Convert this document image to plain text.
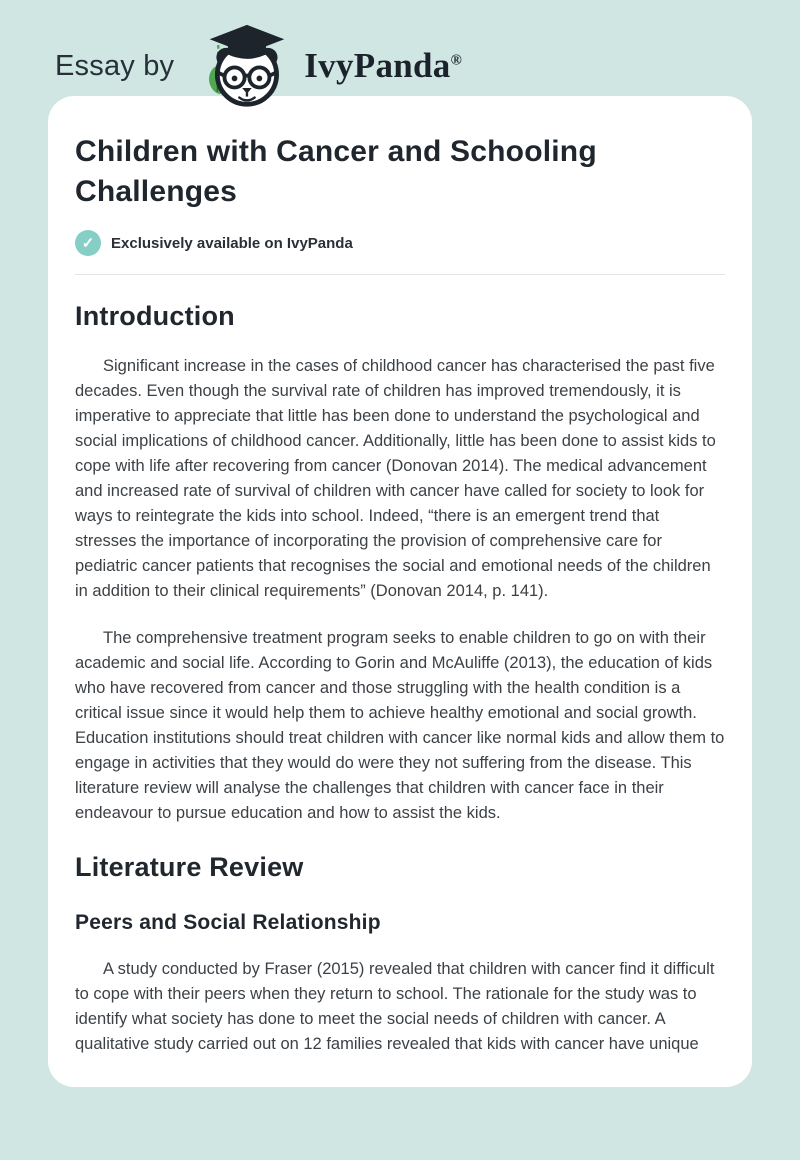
Essay by	IvyPanda®
Children with Cancer and Schooling Challenges
✓	Exclusively available on IvyPanda
Introduction

Significant increase in the cases of childhood cancer has characterised the past five decades. Even though the survival rate of children has improved tremendously, it is imperative to appreciate that little has been done to understand the psychological and social implications of childhood cancer. Additionally, little has been done to assist kids to cope with life after recovering from cancer (Donovan 2014). The medical advancement and increased rate of survival of children with cancer have called for society to look for ways to reintegrate the kids into school. Indeed, “there is an emergent trend that stresses the importance of incorporating the provision of comprehensive care for pediatric cancer patients that recognises the social and emotional needs of the children in addition to their clinical requirements” (Donovan 2014, p. 141).

The comprehensive treatment program seeks to enable children to go on with their academic and social life. According to Gorin and McAuliffe (2013), the education of kids who have recovered from cancer and those struggling with the health condition is a critical issue since it would help them to achieve healthy emotional and social growth. Education institutions should treat children with cancer like normal kids and allow them to engage in activities that they would do were they not suffering from the disease. This literature review will analyse the challenges that children with cancer face in their endeavour to pursue education and how to assist the kids.

Literature Review
Peers and Social Relationship

A study conducted by Fraser (2015) revealed that children with cancer find it difficult to cope with their peers when they return to school. The rationale for the study was to identify what society has done to meet the social needs of children with cancer. A qualitative study carried out on 12 families revealed that kids with cancer have unique
